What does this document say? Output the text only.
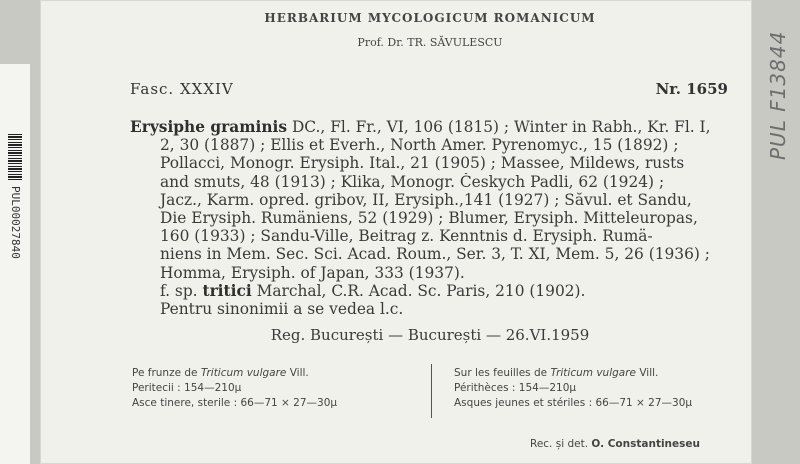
PUL00027840
HERBARIUM MYCOLOGICUM ROMANICUM
Prof. Dr. TR. SĂVULESCU
Fasc. XXXIV	Nr. 1659
Erysiphe graminis DC., Fl. Fr., VI, 106 (1815) ; Winter in Rabh., Kr. Fl. I,
2, 30 (1887) ; Ellis et Everh., North Amer. Pyrenomyc., 15 (1892) ;
Pollacci, Monogr. Erysiph. Ital., 21 (1905) ; Massee, Mildews, rusts
and smuts, 48 (1913) ; Klika, Monogr. Českych Padli, 62 (1924) ;
Jacz., Karm. opred. gribov, II, Erysiph.,141 (1927) ; Săvul. et Sandu,
Die Erysiph. Rumäniens, 52 (1929) ; Blumer, Erysiph. Mitteleuropas,
160 (1933) ; Sandu-Ville, Beitrag z. Kenntnis d. Erysiph. Rumä-
niens in Mem. Sec. Sci. Acad. Roum., Ser. 3, T. XI, Mem. 5, 26 (1936) ;
Homma, Erysiph. of Japan, 333 (1937).
f. sp. tritici Marchal, C.R. Acad. Sc. Paris, 210 (1902).
Pentru sinonimii a se vedea l.c.
Reg. București — București — 26.VI.1959
Pe frunze de Triticum vulgare Vill.
Peritecii : 154—210µ
Asce tinere, sterile : 66—71 × 27—30µ
Sur les feuilles de Triticum vulgare Vill.
Périthèces : 154—210µ
Asques jeunes et stériles : 66—71 × 27—30µ
Rec. și det. O. Constantineseu
PUL F13844
